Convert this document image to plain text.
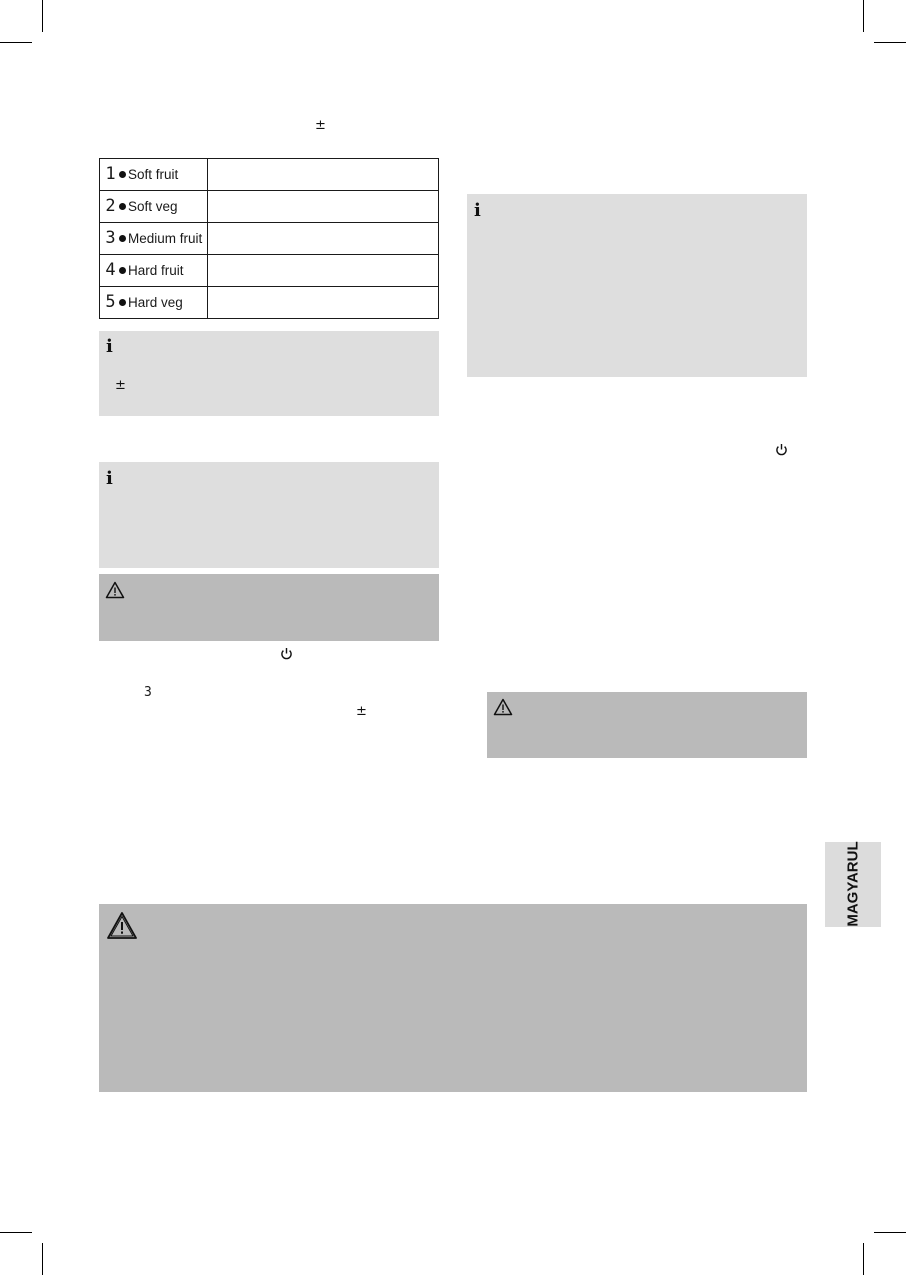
±
1 Soft fruit	

2 Soft veg	

3 Medium fruit	

4 Hard fruit	

5 Hard veg	

i
±
i
3
±
i
MAGYARUL
